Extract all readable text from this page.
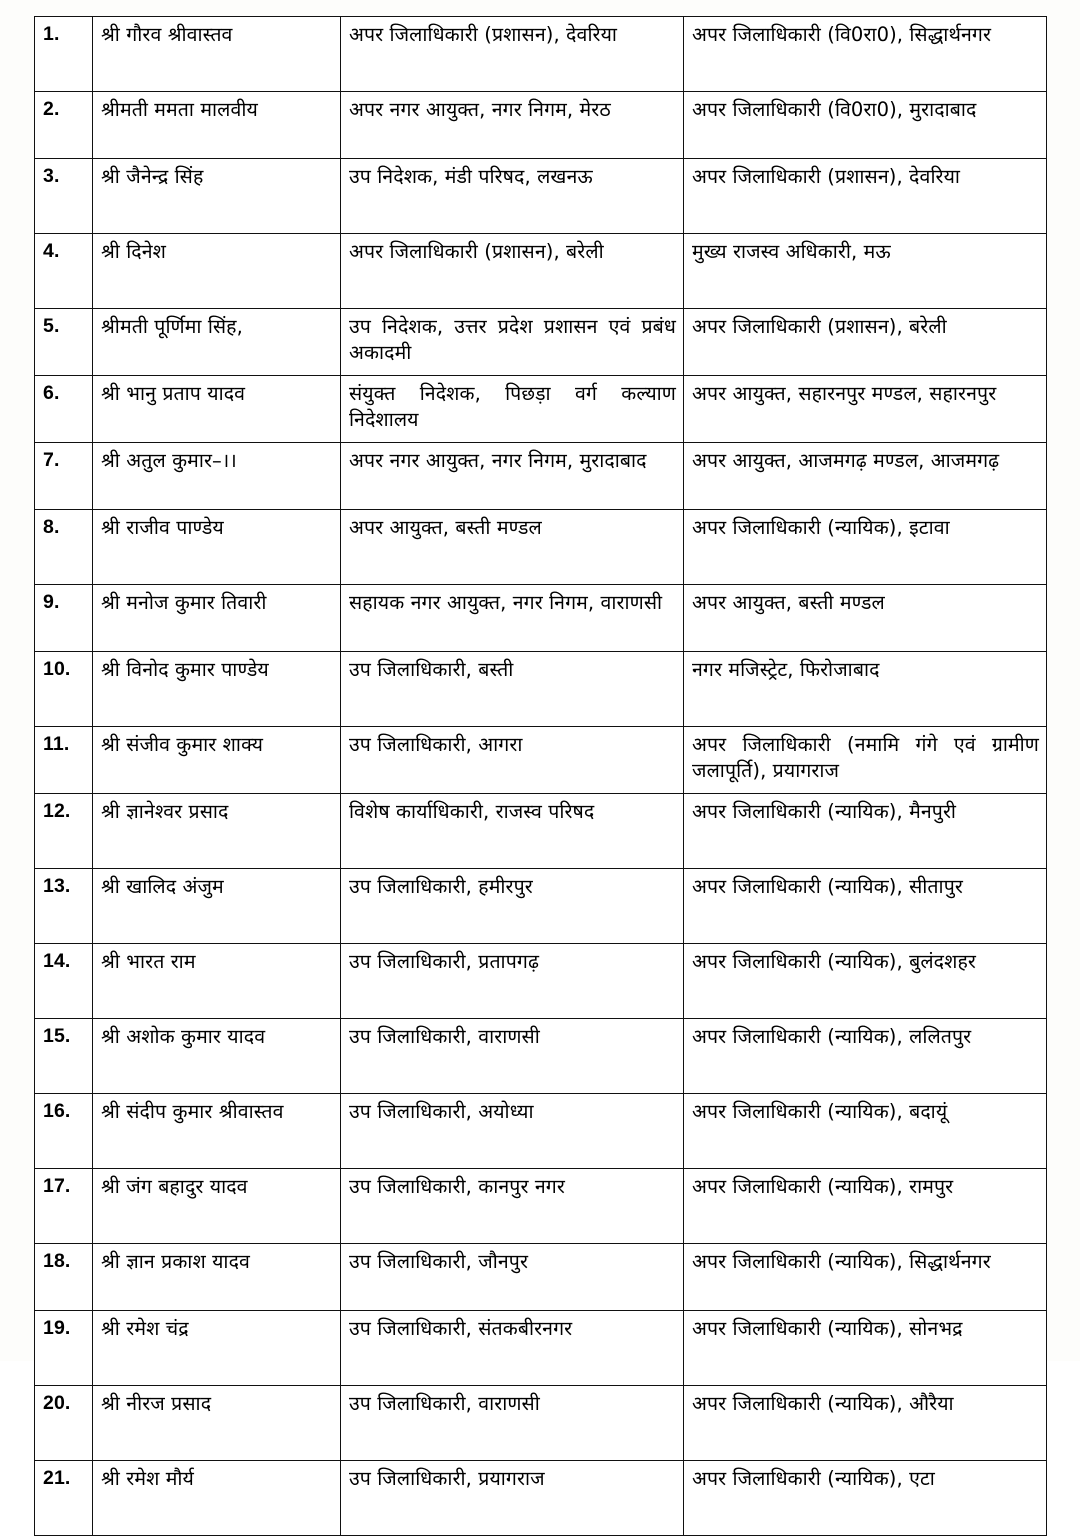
1.	श्री गौरव श्रीवास्तव	अपर जिलाधिकारी (प्रशासन), देवरिया	अपर जिलाधिकारी (वि0रा0), सिद्धार्थनगर
2.	श्रीमती ममता मालवीय	अपर नगर आयुक्त, नगर निगम, मेरठ	अपर जिलाधिकारी (वि0रा0), मुरादाबाद
3.	श्री जैनेन्द्र सिंह	उप निदेशक, मंडी परिषद, लखनऊ	अपर जिलाधिकारी (प्रशासन), देवरिया
4.	श्री दिनेश	अपर जिलाधिकारी (प्रशासन), बरेली	मुख्य राजस्व अधिकारी, मऊ
5.	श्रीमती पूर्णिमा सिंह,	उप निदेशक, उत्तर प्रदेश प्रशासन एवं प्रबंध अकादमी	अपर जिलाधिकारी (प्रशासन), बरेली
6.	श्री भानु प्रताप यादव	संयुक्त निदेशक, पिछड़ा वर्ग कल्याण निदेशालय	अपर आयुक्त, सहारनपुर मण्डल, सहारनपुर
7.	श्री अतुल कुमार–।।	अपर नगर आयुक्त, नगर निगम, मुरादाबाद	अपर आयुक्त, आजमगढ़ मण्डल, आजमगढ़
8.	श्री राजीव पाण्डेय	अपर आयुक्त, बस्ती मण्डल	अपर जिलाधिकारी (न्यायिक), इटावा
9.	श्री मनोज कुमार तिवारी	सहायक नगर आयुक्त, नगर निगम, वाराणसी	अपर आयुक्त, बस्ती मण्डल
10.	श्री विनोद कुमार पाण्डेय	उप जिलाधिकारी, बस्ती	नगर मजिस्ट्रेट, फिरोजाबाद
11.	श्री संजीव कुमार शाक्य	उप जिलाधिकारी, आगरा	अपर जिलाधिकारी (नमामि गंगे एवं ग्रामीण जलापूर्ति), प्रयागराज
12.	श्री ज्ञानेश्वर प्रसाद	विशेष कार्याधिकारी, राजस्व परिषद	अपर जिलाधिकारी (न्यायिक), मैनपुरी
13.	श्री खालिद अंजुम	उप जिलाधिकारी, हमीरपुर	अपर जिलाधिकारी (न्यायिक), सीतापुर
14.	श्री भारत राम	उप जिलाधिकारी, प्रतापगढ़	अपर जिलाधिकारी (न्यायिक), बुलंदशहर
15.	श्री अशोक कुमार यादव	उप जिलाधिकारी, वाराणसी	अपर जिलाधिकारी (न्यायिक), ललितपुर
16.	श्री संदीप कुमार श्रीवास्तव	उप जिलाधिकारी, अयोध्या	अपर जिलाधिकारी (न्यायिक), बदायूं
17.	श्री जंग बहादुर यादव	उप जिलाधिकारी, कानपुर नगर	अपर जिलाधिकारी (न्यायिक), रामपुर
18.	श्री ज्ञान प्रकाश यादव	उप जिलाधिकारी, जौनपुर	अपर जिलाधिकारी (न्यायिक), सिद्धार्थनगर
19.	श्री रमेश चंद्र	उप जिलाधिकारी, संतकबीरनगर	अपर जिलाधिकारी (न्यायिक), सोनभद्र
20.	श्री नीरज प्रसाद	उप जिलाधिकारी, वाराणसी	अपर जिलाधिकारी (न्यायिक), औरैया
21.	श्री रमेश मौर्य	उप जिलाधिकारी, प्रयागराज	अपर जिलाधिकारी (न्यायिक), एटा
